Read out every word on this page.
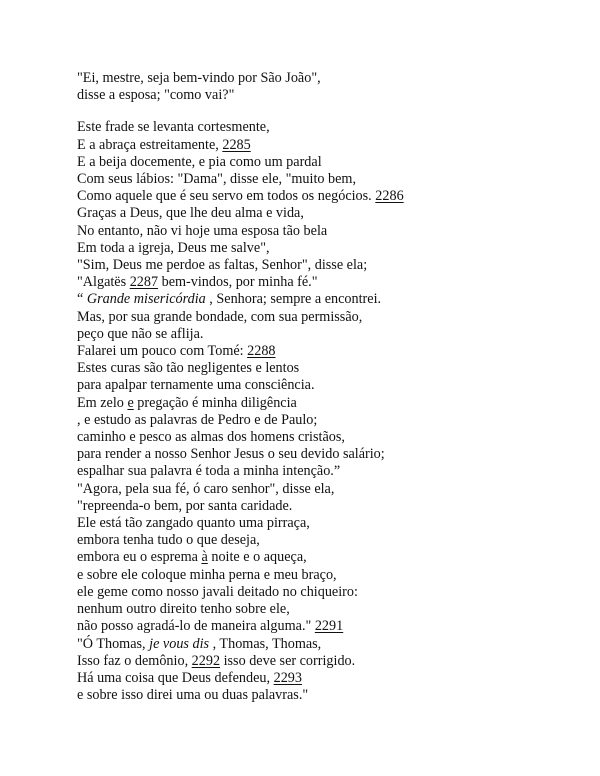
"Ei, mestre, seja bem-vindo por São João",
disse a esposa; "como vai?"
Este frade se levanta cortesmente,
E a abraça estreitamente, 2285
E a beija docemente, e pia como um pardal
Com seus lábios: "Dama", disse ele, "muito bem,
Como aquele que é seu servo em todos os negócios. 2286
Graças a Deus, que lhe deu alma e vida,
No entanto, não vi hoje uma esposa tão bela
Em toda a igreja, Deus me salve",
"Sim, Deus me perdoe as faltas, Senhor", disse ela;
"Algatës 2287 bem-vindos, por minha fé."
“ Grande misericórdia , Senhora; sempre a encontrei.
Mas, por sua grande bondade, com sua permissão,
peço que não se aflija.
Falarei um pouco com Tomé: 2288
Estes curas são tão negligentes e lentos
para apalpar ternamente uma consciência.
Em zelo e pregação é minha diligência
, e estudo as palavras de Pedro e de Paulo;
caminho e pesco as almas dos homens cristãos,
para render a nosso Senhor Jesus o seu devido salário;
espalhar sua palavra é toda a minha intenção.”
"Agora, pela sua fé, ó caro senhor", disse ela,
"repreenda-o bem, por santa caridade.
Ele está tão zangado quanto uma pirraça,
embora tenha tudo o que deseja,
embora eu o esprema à noite e o aqueça,
e sobre ele coloque minha perna e meu braço,
ele geme como nosso javali deitado no chiqueiro:
nenhum outro direito tenho sobre ele,
não posso agradá-lo de maneira alguma." 2291
"Ó Thomas, je vous dis , Thomas, Thomas,
Isso faz o demônio, 2292 isso deve ser corrigido.
Há uma coisa que Deus defendeu, 2293
e sobre isso direi uma ou duas palavras."
